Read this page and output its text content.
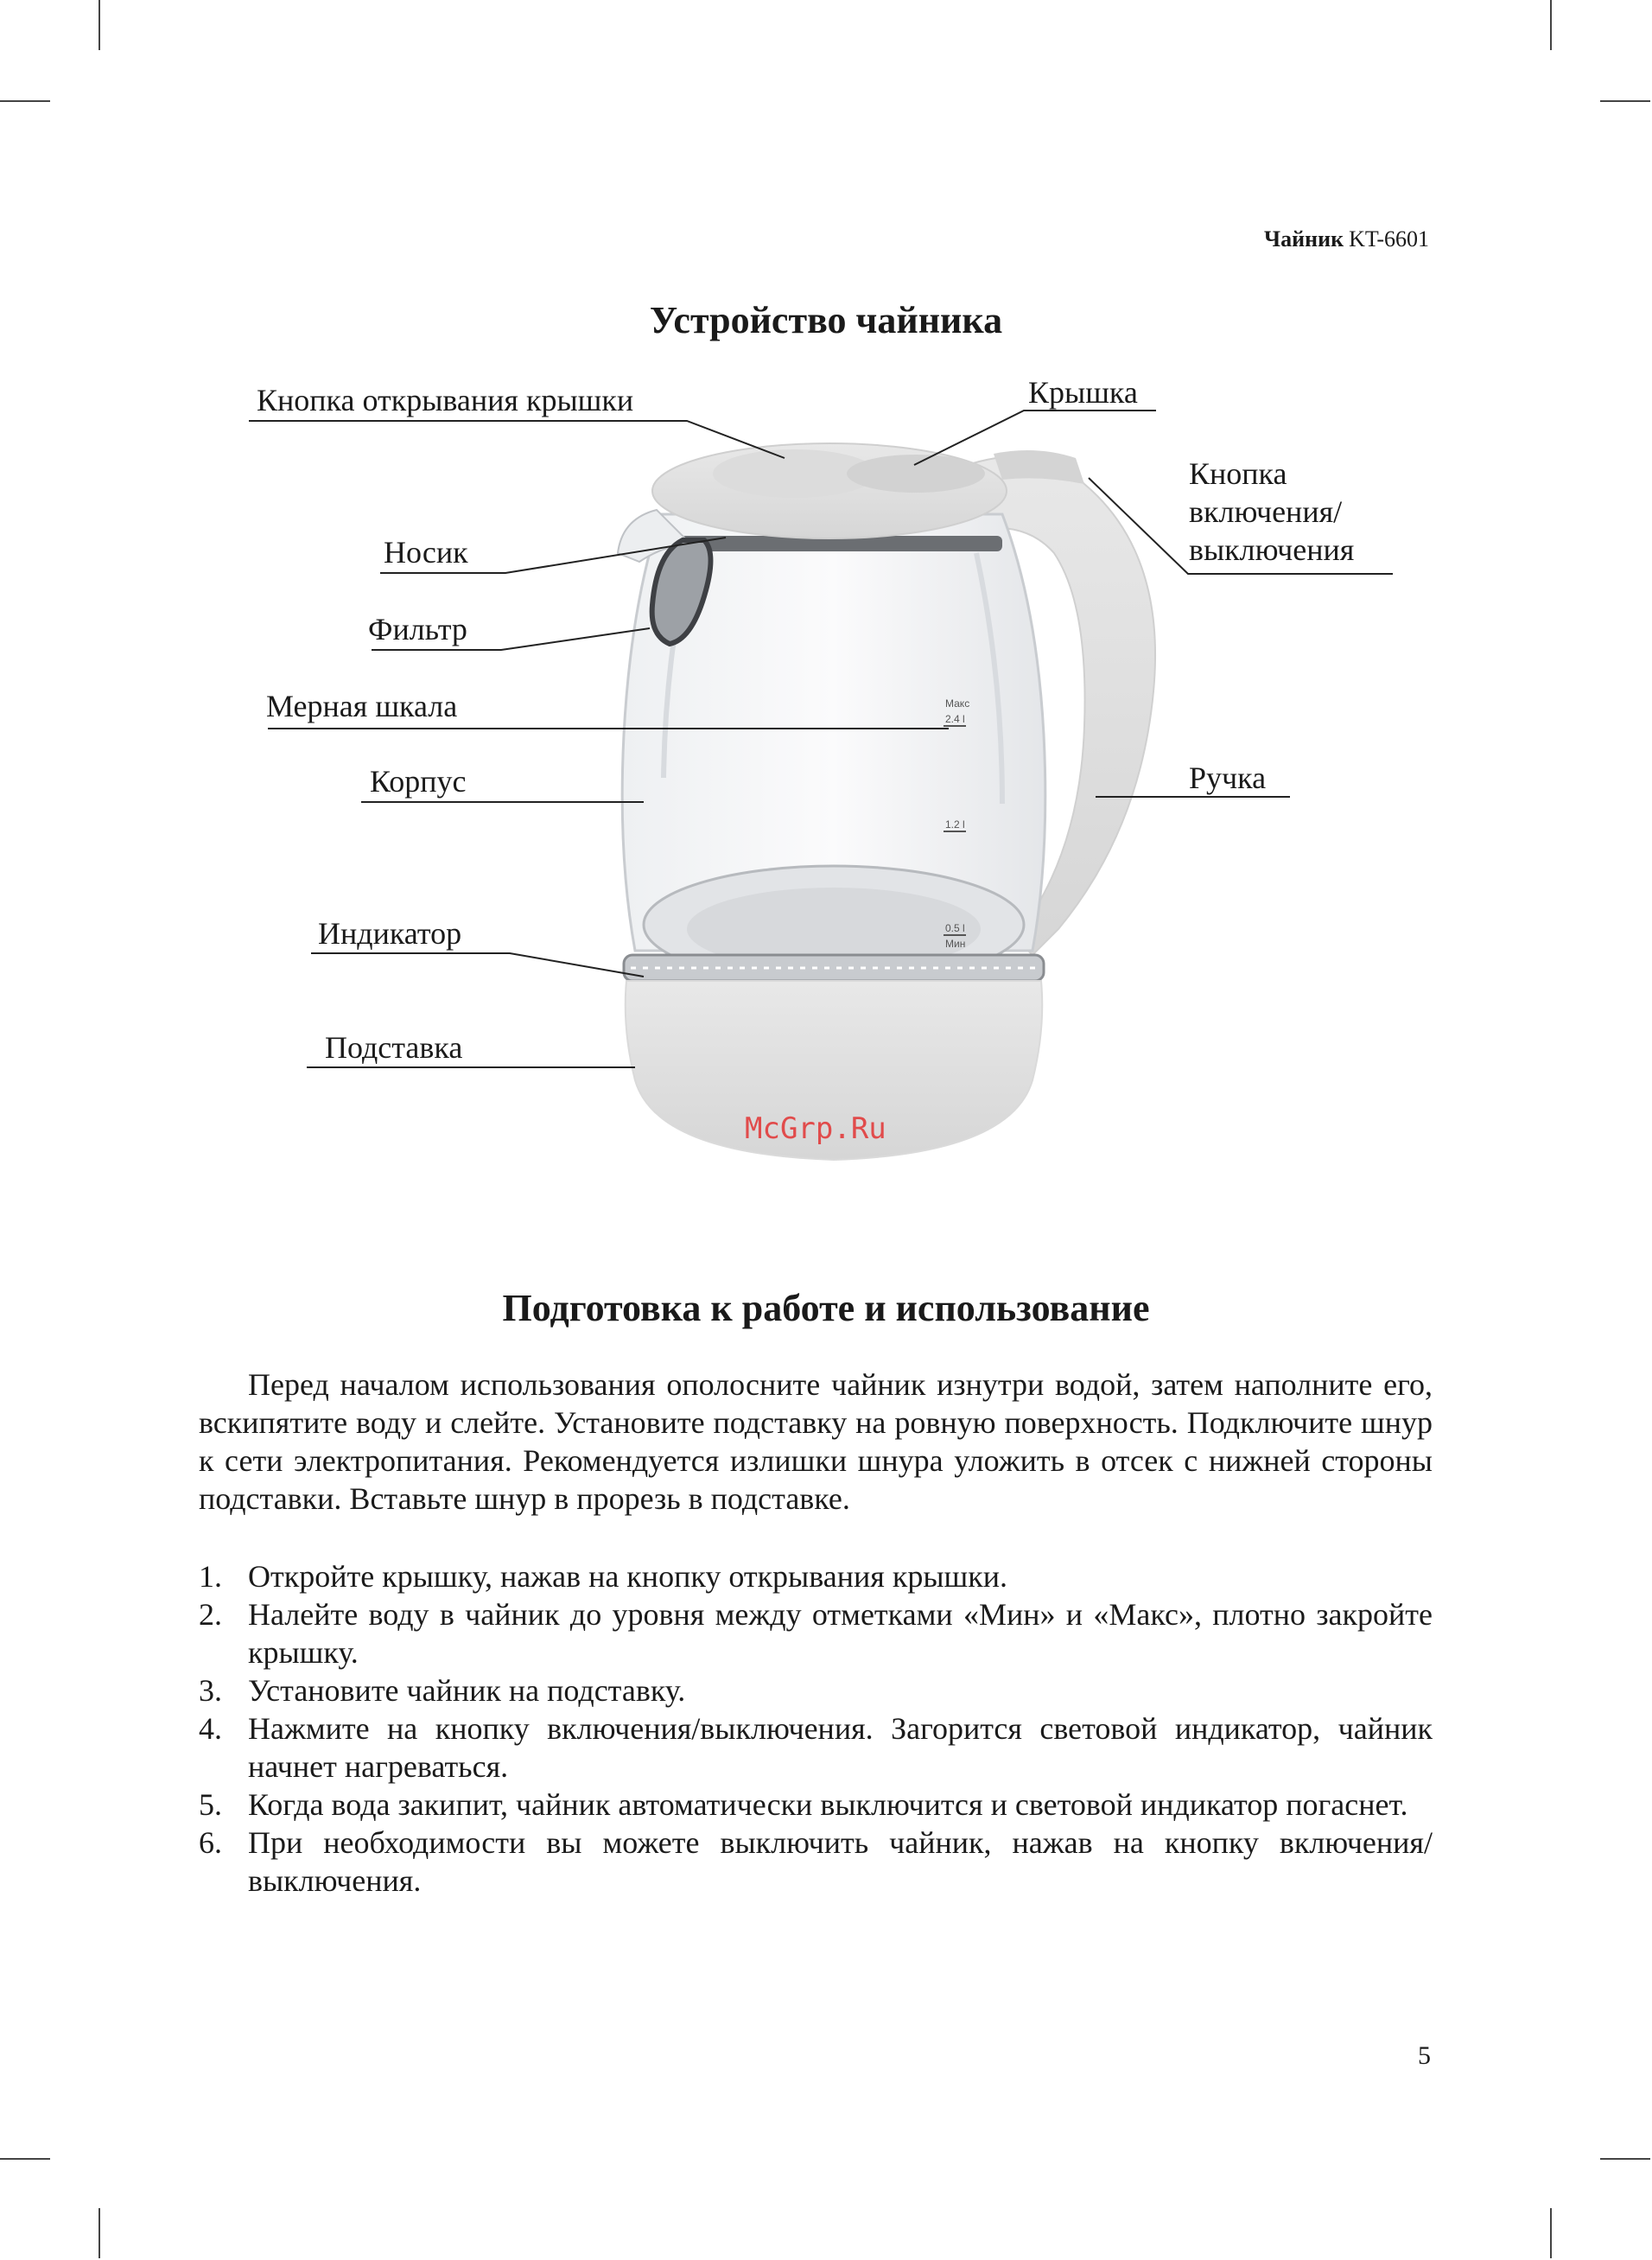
Чайник KT-6601
Устройство чайника
Макс
2.4 l
1.2 l
0.5 l
Мин
McGrp.Ru
Кнопка открывания крышки	Крышка
Кнопка включения/ выключения
Носик
Фильтр
Мерная шкала
Корпус	Ручка
Индикатор
Подставка
Подготовка к работе и использование

Перед началом использования ополосните чайник изнутри водой, затем наполните его, вскипятите воду и слейте. Установите подставку на ровную поверхность. Подключите шнур к сети электропитания. Рекомендуется излишки шнура уложить в отсек с нижней стороны подставки. Вставьте шнур в прорезь в подставке.

1. Откройте крышку, нажав на кнопку открывания крышки.
2. Налейте воду в чайник до уровня между отметками «Мин» и «Макс», плотно закройте крышку.
3. Установите чайник на подставку.
4. Нажмите на кнопку включения/выключения. Загорится световой индикатор, чайник начнет нагреваться.
5. Когда вода закипит, чайник автоматически выключится и световой индикатор погаснет.
6. При необходимости вы можете выключить чайник, нажав на кнопку включения/выключения.
5
